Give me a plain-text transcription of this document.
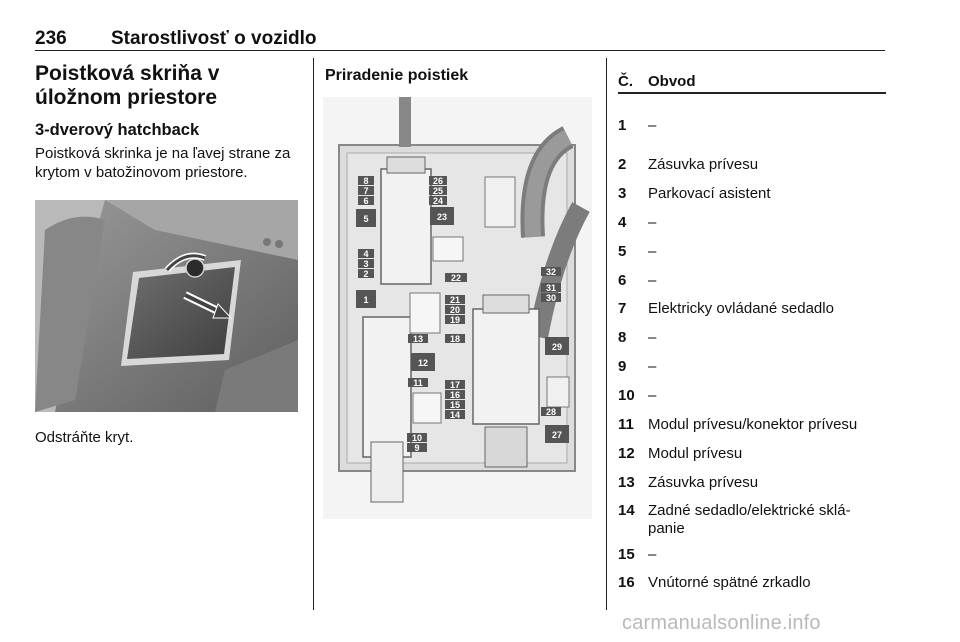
236 Starostlivosť o vozidlo
Poistková skriňa v úložnom priestore
3-dverový hatchback

Poistková skrinka je na ľavej strane za krytom v batožinovom priestore.

Odstráňte kryt.
Priradenie poistiek
8
7
6
5
26
25
24
23
4
3
2	22
1	21
20
19
13	18
12
11	17
16
15
14
10
9
32
31
30
29
28
27
Č.	Obvod
1	–
2	Zásuvka prívesu
3	Parkovací asistent
4	–
5	–
6	–
7	Elektricky ovládané sedadlo
8	–
9	–
10 –
11 Modul prívesu/konektor prívesu
12 Modul prívesu
13 Zásuvka prívesu
14 Zadné sedadlo/elektrické sklá-panie
15 –
16 Vnútorné spätné zrkadlo
carmanualsonline.info
